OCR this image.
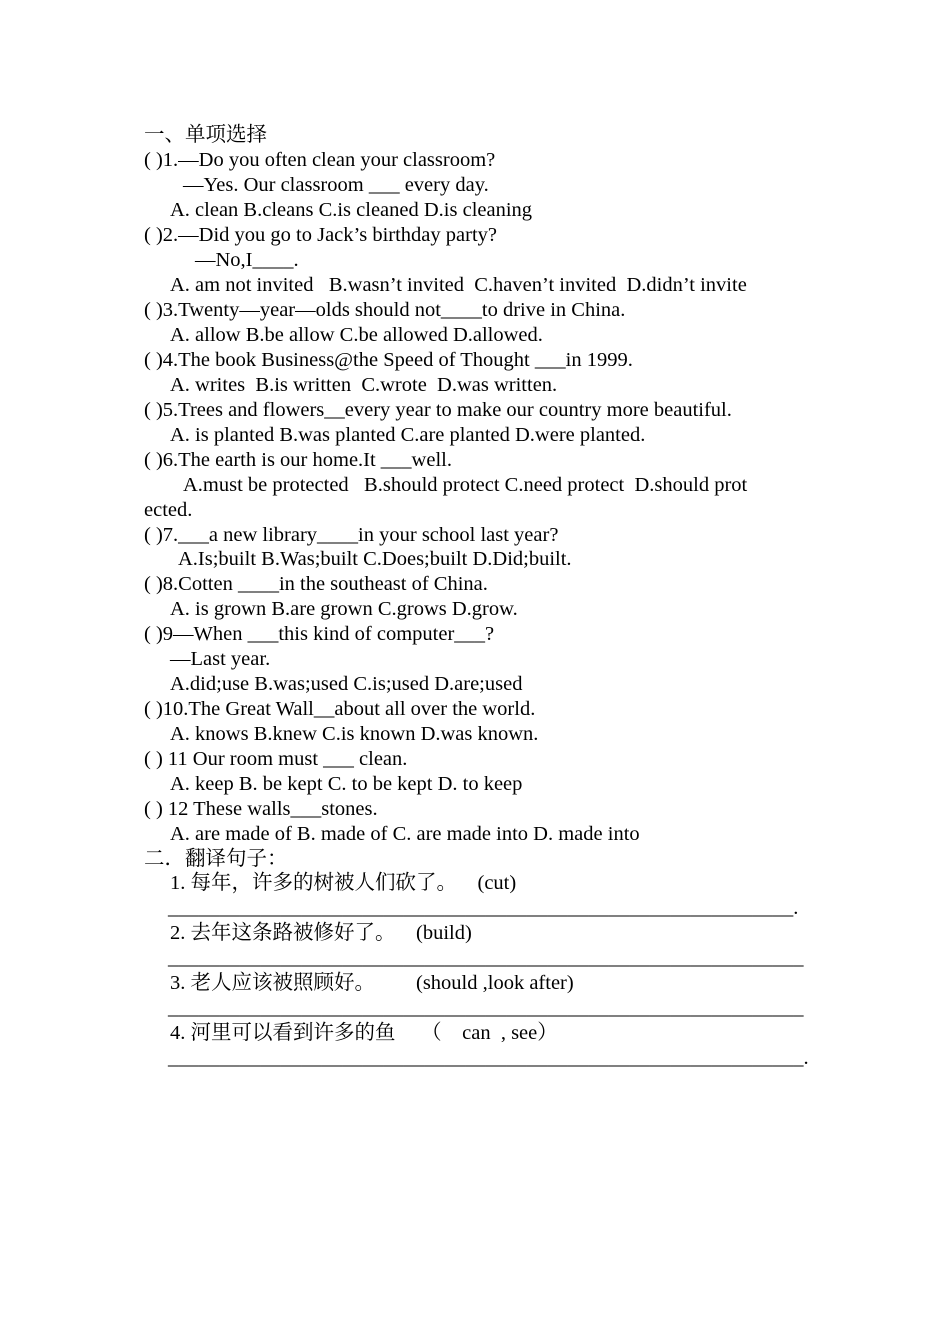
一、单项选择
( )1.—Do you often clean your classroom?
—Yes. Our classroom ___ every day.
A. clean B.cleans C.is cleaned D.is cleaning
( )2.—Did you go to Jack’s birthday party?
—No,I____.
A. am not invited   B.wasn’t invited  C.haven’t invited  D.didn’t invite
( )3.Twenty—year—olds should not____to drive in China.
A. allow B.be allow C.be allowed D.allowed.
( )4.The book Business@the Speed of Thought ___in 1999.
A. writes  B.is written  C.wrote  D.was written.
( )5.Trees and flowers__every year to make our country more beautiful.
A. is planted B.was planted C.are planted D.were planted.
( )6.The earth is our home.It ___well.
A.must be protected   B.should protect C.need protect  D.should prot
ected.
( )7.___a new library____in your school last year?
A.Is;built B.Was;built C.Does;built D.Did;built.
( )8.Cotten ____in the southeast of China.
A. is grown B.are grown C.grows D.grow.
( )9—When ___this kind of computer___?
—Last year.
A.did;use B.was;used C.is;used D.are;used
( )10.The Great Wall__about all over the world.
A. knows B.knew C.is known D.was known.
( ) 11 Our room must ___ clean.
A. keep B. be kept C. to be kept D. to keep
( ) 12 These walls___stones.
A. are made of B. made of C. are made into D. made into
二．翻译句子：
1. 每年，许多的树被人们砍了。    (cut)
_____________________________________________________________.
2. 去年这条路被修好了。    (build)
______________________________________________________________
3. 老人应该被照顾好。        (should ,look after)
______________________________________________________________
4. 河里可以看到许多的鱼     （    can  , see）
______________________________________________________________.
